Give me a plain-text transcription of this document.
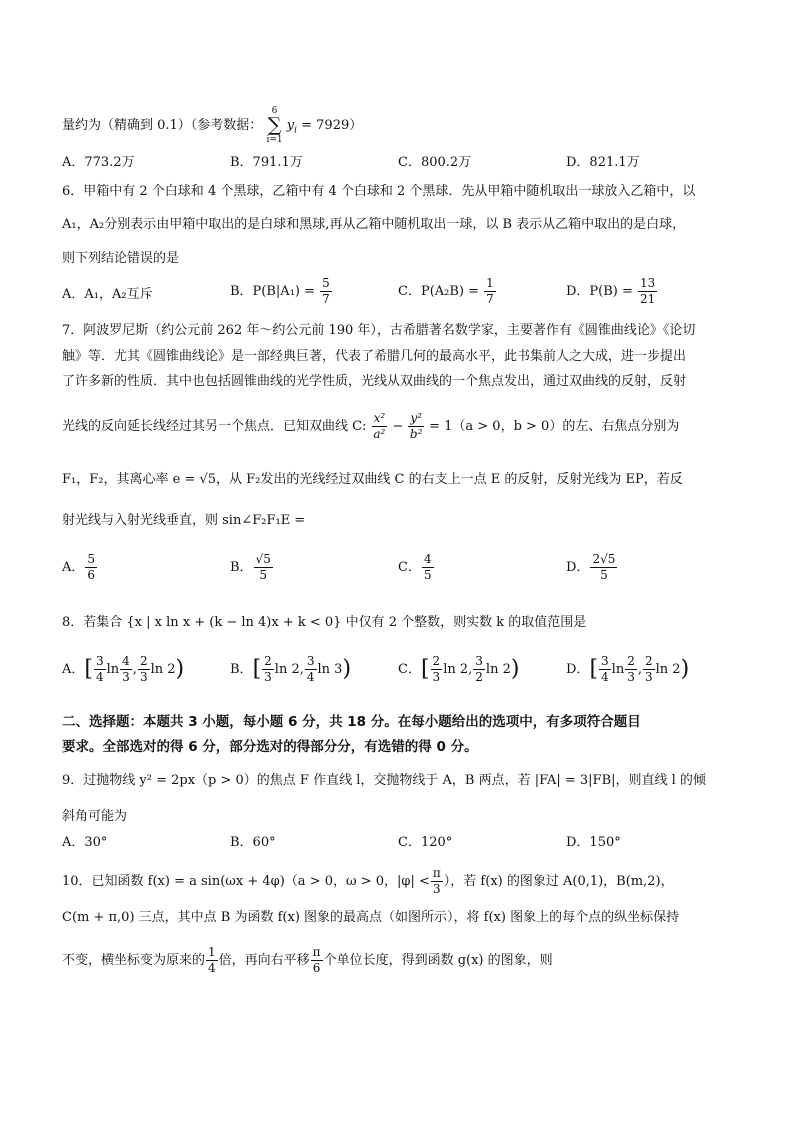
量约为（精确到 0.1）（参考数据：
6
∑
i=1
$y_i = 7929$）
A．773.2万	B．791.1万	C．800.2万	D．821.1万
6．甲箱中有 2 个白球和 4 个黑球，乙箱中有 4 个白球和 2 个黑球．先从甲箱中随机取出一球放入乙箱中，以
A₁，A₂分别表示由甲箱中取出的是白球和黑球,再从乙箱中随机取出一球，以 B 表示从乙箱中取出的是白球，
则下列结论错误的是
A．A₁，A₂互斥	B．$P(B|A_1) = \frac{5}{7}$	C．$P(A_2B) = \frac{1}{7}$	D．$P(B) = \frac{13}{21}$
7．阿波罗尼斯（约公元前 262 年～约公元前 190 年），古希腊著名数学家，主要著作有《圆锥曲线论》《论切
触》等．尤其《圆锥曲线论》是一部经典巨著，代表了希腊几何的最高水平，此书集前人之大成，进一步提出
了许多新的性质．其中也包括圆锥曲线的光学性质，光线从双曲线的一个焦点发出，通过双曲线的反射，反射
光线的反向延长线经过其另一个焦点．已知双曲线 C: $\frac{\text{x²}}{\text{a²}} - \frac{\text{y²}}{\text{b²}} = 1(a > 0$，b > 0）的左、右焦点分别为
F₁，F₂，其离心率 e = √5，从 F₂发出的光线经过双曲线 C 的右支上一点 E 的反射，反射光线为 EP，若反
射光线与入射光线垂直，则 sin∠F₂F₁E =
A． $\frac{5}{6}$	B． $\frac{√5}{5}$	C． $\frac{4}{5}$	D． $\frac{2√5}{5}$
8．若集合 {x | x ln x + (k − ln 4)x + k < 0} 中仅有 2 个整数，则实数 k 的取值范围是
A．[ $\frac{3}{4}$ $\ln \frac{4}{3}$ , $\frac{2}{3}$ ln 2)	B．[ $\frac{2}{3}$ ln 2, $\frac{3}{4}$ ln 3)	C．[ $\frac{2}{3}$ ln 2, $\frac{3}{2}$ ln 2)	D．[ $\frac{3}{4}$ $\ln \frac{2}{3}$ , $\frac{2}{3}$ ln 2)
二、选择题：本题共 3 小题，每小题 6 分，共 18 分。在每小题给出的选项中，有多项符合题目
要求。全部选对的得 6 分，部分选对的得部分分，有选错的得 0 分。
9．过抛物线 y² = 2px（p > 0）的焦点 F 作直线 l，交抛物线于 A，B 两点，若 |FA| = 3|FB|，则直线 l 的倾
斜角可能为
A．30°	B．60°	C．120°	D．150°
10．已知函数 f(x) = a sin(ωx + 4φ)（a > 0，ω > 0，$|\varphi| < \frac{\pi}{3}$ ），若 f(x) 的图象过 A(0,1)，B(m,2)，
C(m + π,0) 三点，其中点 B 为函数 f(x) 图象的最高点（如图所示），将 f(x) 图象上的每个点的纵坐标保持
不变，横坐标变为原来的 $\frac{1}{4}$ 倍，再向右平移 $\frac{\pi}{6}$ 个单位长度，得到函数 g(x) 的图象，则
